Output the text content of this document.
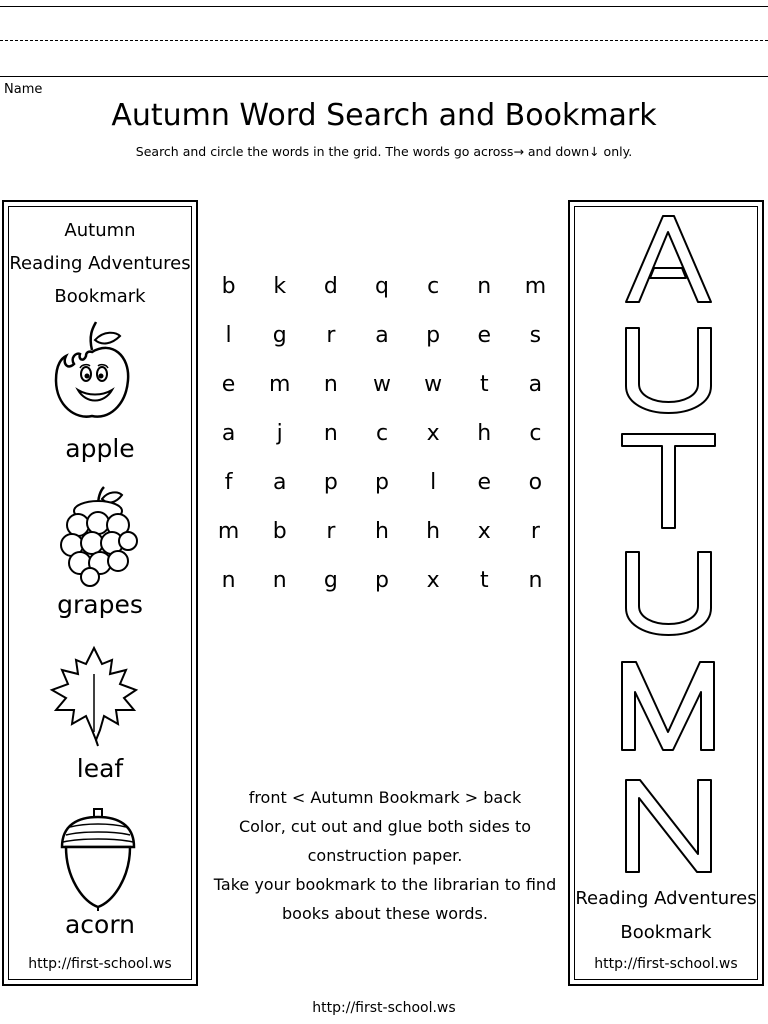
Name
Autumn Word Search and Bookmark
Search and circle the words in the grid. The words go across→ and down↓ only.
Autumn
Reading Adventures
Bookmark
apple
grapes
leaf
acorn
http://first-school.ws
b	k	d	q	c	n	m
l	g	r	a	p	e	s
e	m	n	w	w	t	a
a	j	n	c	x	h	c
f	a	p	p	l	e	o
m	b	r	h	h	x	r
n	n	g	p	x	t	n
front < Autumn Bookmark > back
Color, cut out and glue both sides to
construction paper.
Take your bookmark to the librarian to find
books about these words.
Reading Adventures
Bookmark
http://first-school.ws
http://first-school.ws
